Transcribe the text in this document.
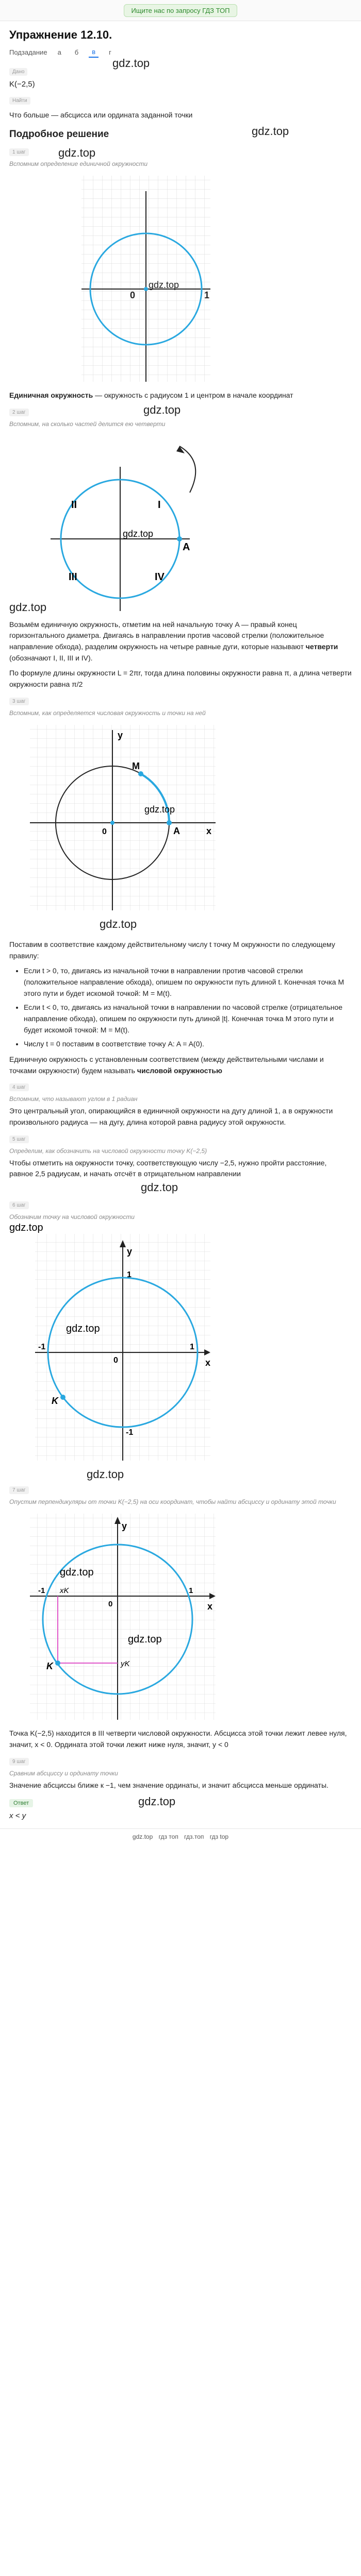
Ищите нас по запросу ГДЗ ТОП
Упражнение 12.10.
Подзадание	а	б	в	г
Дано
K(−2,5)
Найти
Что больше — абсцисса или ордината заданной точки
gdz.top
Подробное решение	gdz.top
1 шаг	gdz.top
Вспомним определение единичной окружности
0	1
gdz.top
Единичная окружность — окружность с радиусом 1 и центром в начале координат
2 шаг	gdz.top
Вспомним, на сколько частей делится ею четверти
I
II
III	IV
A
gdz.top
gdz.top
Возьмём единичную окружность, отметим на ней начальную точку A — правый конец горизонтального диаметра. Двигаясь в направлении против часовой стрелки (положительное направление обхода), разделим окружность на четыре равные дуги, которые называют четверти (обозначают I, II, III и IV).
По формуле длины окружности L = 2πr, тогда длина половины окружности равна π, а длина четверти окружности равна π/2
3 шаг
Вспомним, как определяется числовая окружность и точки на ней
y
M
A	x
0
gdz.top
gdz.top
Поставим в соответствие каждому действительному числу t точку M окружности по следующему правилу:
• Если t > 0, то, двигаясь из начальной точки в направлении против часовой стрелки (положительное направление обхода), опишем по окружности путь длиной t. Конечная точка M этого пути и будет искомой точкой: M = M(t).
• Если t < 0, то, двигаясь из начальной точки в направлении по часовой стрелке (отрицательное направление обхода), опишем по окружности путь длиной |t|. Конечная точка M этого пути и будет искомой точкой: M = M(t).
• Числу t = 0 поставим в соответствие точку A: A = A(0).
Единичную окружность с установленным соответствием (между действительными числами и точками окружности) будем называть числовой окружностью
4 шаг
Вспомним, что называют углом в 1 радиан
Это центральный угол, опирающийся в единичной окружности на дугу длиной 1, а в окружности произвольного радиуса — на дугу, длина которой равна радиусу этой окружности.
5 шаг
Определим, как обозначить на числовой окружности точку K(−2,5)
Чтобы отметить на окружности точку, соответствующую числу −2,5, нужно пройти расстояние, равное 2,5 радиусам, и начать отсчёт в отрицательном направлении
gdz.top
6 шаг
Обозначим точку на числовой окружности
y
x
1
1
-1
-1
0
K
gdz.top
gdz.top
gdz.top
7 шаг
Опустим перпендикуляры от точки K(−2,5) на оси координат, чтобы найти абсциссу и ординату этой точки
y
x
-1	1
xK
yK
K
0
gdz.top
gdz.top
Точка K(−2,5) находится в III четверти числовой окружности. Абсцисса этой точки лежит левее нуля, значит, x < 0. Ордината этой точки лежит ниже нуля, значит, y < 0
9 шаг
Сравним абсциссу и ординату точки
Значение абсциссы ближе к −1, чем значение ординаты, и значит абсцисса меньше ординаты.
Ответ	gdz.top
x < y
gdz.top гдз топ гдз.топ гдз top
